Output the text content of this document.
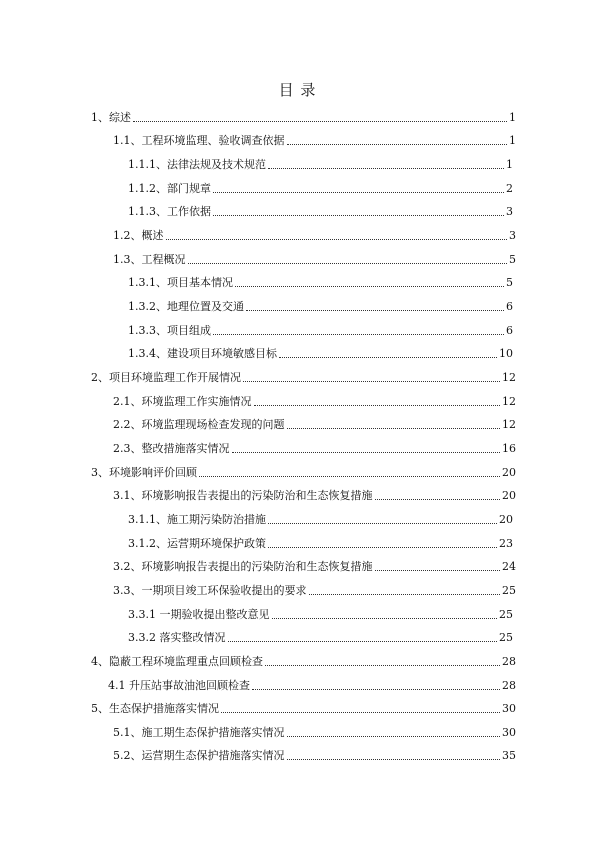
目 录
1、综述	1
1.1、工程环境监理、验收调查依据	1
1.1.1、法律法规及技术规范	1
1.1.2、部门规章	2
1.1.3、工作依据	3
1.2、概述	3
1.3、工程概况	5
1.3.1、项目基本情况	5
1.3.2、地理位置及交通	6
1.3.3、项目组成	6
1.3.4、建设项目环境敏感目标	10
2、项目环境监理工作开展情况	12
2.1、环境监理工作实施情况	12
2.2、环境监理现场检查发现的问题	12
2.3、整改措施落实情况	16
3、环境影响评价回顾	20
3.1、环境影响报告表提出的污染防治和生态恢复措施	20
3.1.1、施工期污染防治措施	20
3.1.2、运营期环境保护政策	23
3.2、环境影响报告表提出的污染防治和生态恢复措施	24
3.3、一期项目竣工环保验收提出的要求	25
3.3.1 一期验收提出整改意见	25
3.3.2 落实整改情况	25
4、隐蔽工程环境监理重点回顾检查	28
4.1 升压站事故油池回顾检查	28
5、生态保护措施落实情况	30
5.1、施工期生态保护措施落实情况	30
5.2、运营期生态保护措施落实情况	35
